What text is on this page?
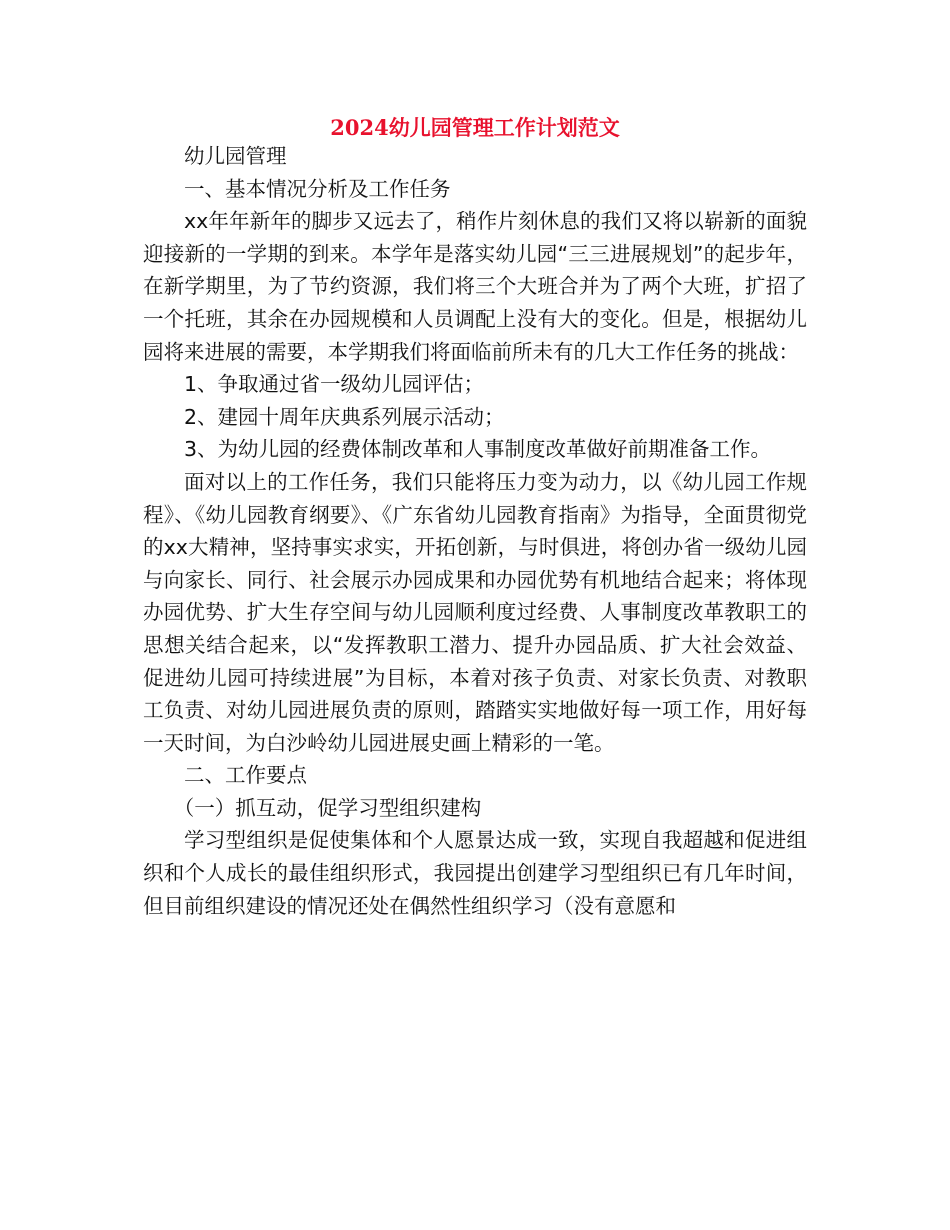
2024幼儿园管理工作计划范文

幼儿园管理

一、基本情况分析及工作任务

xx年年新年的脚步又远去了，稍作片刻休息的我们又将以崭新的面貌迎接新的一学期的到来。本学年是落实幼儿园“三三进展规划”的起步年，在新学期里，为了节约资源，我们将三个大班合并为了两个大班，扩招了一个托班，其余在办园规模和人员调配上没有大的变化。但是，根据幼儿园将来进展的需要，本学期我们将面临前所未有的几大工作任务的挑战：

1、争取通过省一级幼儿园评估；

2、建园十周年庆典系列展示活动；

3、为幼儿园的经费体制改革和人事制度改革做好前期准备工作。

面对以上的工作任务，我们只能将压力变为动力，以《幼儿园工作规程》、《幼儿园教育纲要》、《广东省幼儿园教育指南》为指导，全面贯彻党的xx大精神，坚持事实求实，开拓创新，与时俱进，将创办省一级幼儿园与向家长、同行、社会展示办园成果和办园优势有机地结合起来；将体现办园优势、扩大生存空间与幼儿园顺利度过经费、人事制度改革教职工的思想关结合起来，以“发挥教职工潜力、提升办园品质、扩大社会效益、促进幼儿园可持续进展”为目标，本着对孩子负责、对家长负责、对教职工负责、对幼儿园进展负责的原则，踏踏实实地做好每一项工作，用好每一天时间，为白沙岭幼儿园进展史画上精彩的一笔。

二、工作要点

（一）抓互动，促学习型组织建构

学习型组织是促使集体和个人愿景达成一致，实现自我超越和促进组织和个人成长的最佳组织形式，我园提出创建学习型组织已有几年时间，但目前组织建设的情况还处在偶然性组织学习（没有意愿和
